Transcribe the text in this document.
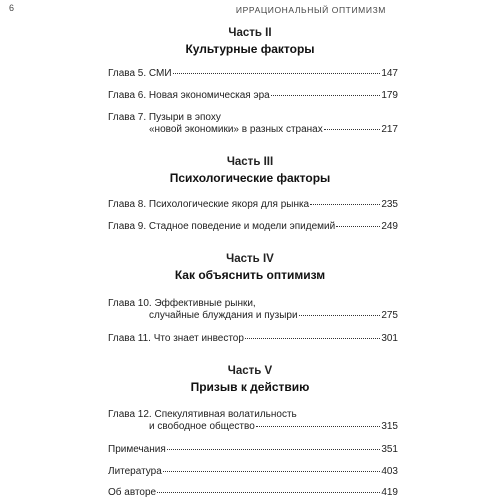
6	ИРРАЦИОНАЛЬНЫЙ ОПТИМИЗМ
Часть II
Культурные факторы
Глава 5. СМИ	147
Глава 6. Новая экономическая эра	179
Глава 7. Пузыри в эпоху
«новой экономики» в разных странах	217
Часть III
Психологические факторы
Глава 8. Психологические якоря для рынка	235
Глава 9. Стадное поведение и модели эпидемий	249
Часть IV
Как объяснить оптимизм
Глава 10. Эффективные рынки,
случайные блуждания и пузыри	275
Глава 11. Что знает инвестор	301
Часть V
Призыв к действию
Глава 12. Спекулятивная волатильность
и свободное общество	315
Примечания	351
Литература	403
Об авторе	419
